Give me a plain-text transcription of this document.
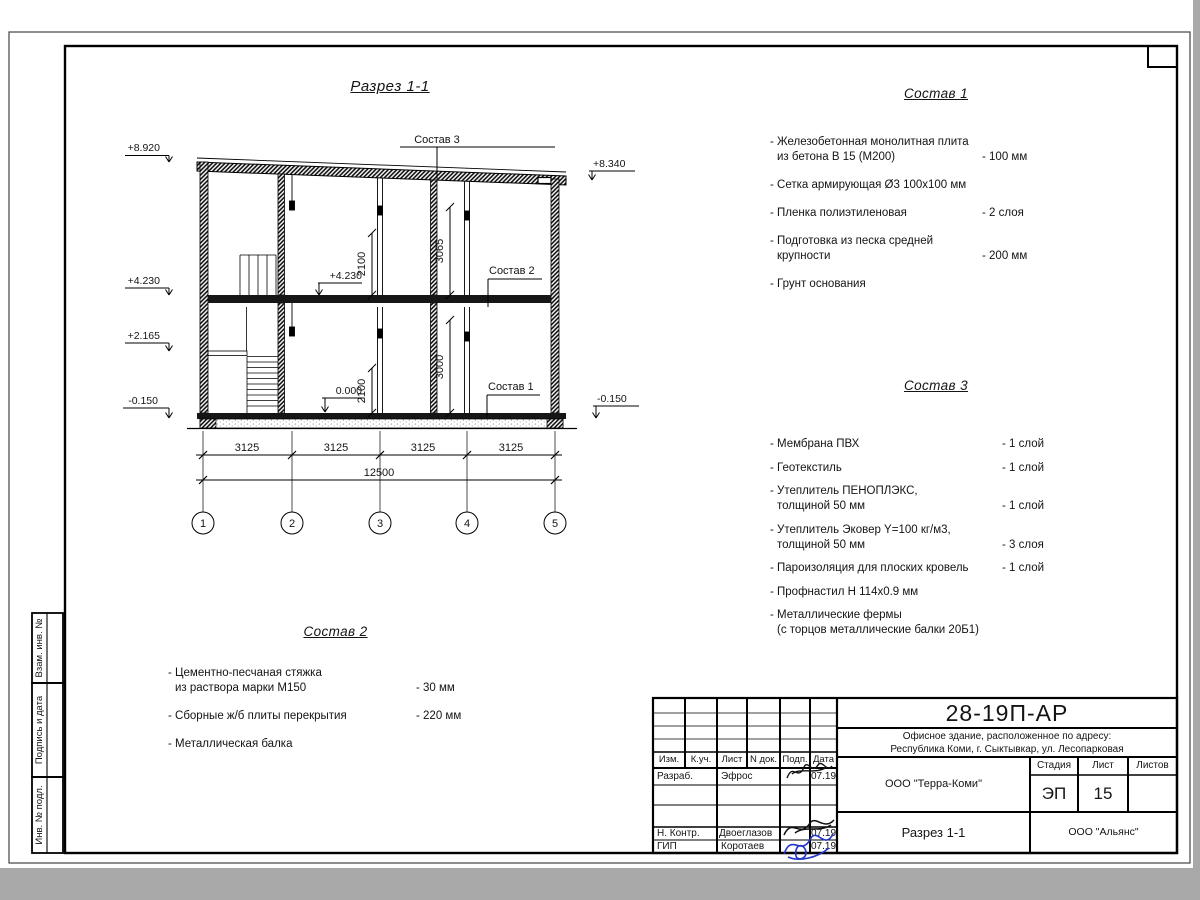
Взам. инв. №
Подпись и дата
Инв. № подл.
Разрез 1-1
2100
3065
2100
3000
+8.920
+4.230
+2.165
-0.150
+8.340
-0.150
+4.230
0.000
Состав 3
Состав 2
Состав 1
3125	3125	3125	3125
12500
1	2	3	4	5
Состав 1
- Железобетонная монолитная плита
из бетона В 15 (М200)	- 100 мм
- Сетка армирующая Ø3 100x100 мм
- Пленка полиэтиленовая	- 2 слоя
- Подготовка из песка средней
крупности	- 200 мм
- Грунт основания
Состав 3
- Мембрана ПВХ	- 1 слой
- Геотекстиль	- 1 слой
- Утеплитель ПЕНОПЛЭКС,
толщиной 50 мм	- 1 слой
- Утеплитель Эковер Y=100 кг/м3,
толщиной 50 мм	- 3 слоя
- Пароизоляция для плоских кровель	- 1 слой
- Профнастил Н 114x0.9 мм
- Металлические фермы
(с торцов металлические балки 20Б1)
Состав 2
- Цементно-песчаная стяжка
из раствора марки М150	- 30 мм
- Сборные ж/б плиты перекрытия	- 220 мм
- Металлическая балка
28-19П-АР
Офисное здание, расположенное по адресу:
Республика Коми, г. Сыктывкар, ул. Лесопарковая
ООО "Терра-Коми"
Стадия	Лист	Листов
ЭП	15
Разрез 1-1	ООО "Альянс"
Изм.	К.уч.	Лист N док. Подп. Дата
Разраб.	Эфрос	07.19
Н. Контр.	Двоеглазов	07.19
ГИП	Коротаев	07.19
